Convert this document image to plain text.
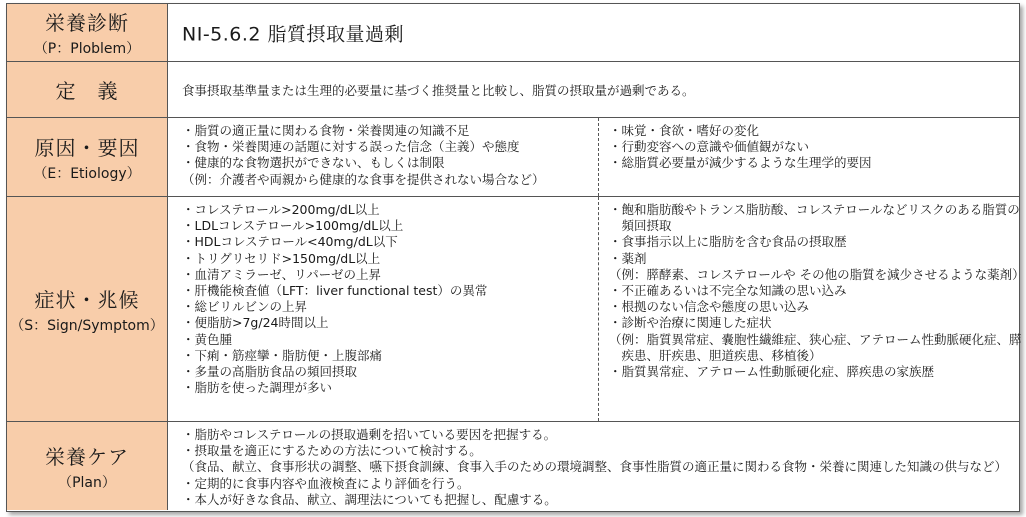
栄養診断
（P：Ploblem）
NI-5.6.2 脂質摂取量過剰
定　義	食事摂取基準量または生理的必要量に基づく推奨量と比較し、脂質の摂取量が過剰である。
原因・要因
（E：Etiology）
・脂質の適正量に関わる食物・栄養関連の知識不足
・食物・栄養関連の話題に対する誤った信念（主義）や態度
・健康的な食物選択ができない、もしくは制限
（例：介護者や両親から健康的な食事を提供されない場合など）
・味覚・食欲・嗜好の変化
・行動変容への意識や価値観がない
・総脂質必要量が減少するような生理学的要因
症状・兆候
（S：Sign/Symptom）
・コレステロール>200mg/dL以上
・LDLコレステロール>100mg/dL以上
・HDLコレステロール<40mg/dL以下
・トリグリセリド>150mg/dL以上
・血清アミラーゼ、リパーゼの上昇
・肝機能検査値（LFT：liver functional test）の異常
・総ビリルビンの上昇
・便脂肪>7g/24時間以上
・黄色腫
・下痢・筋痙攣・脂肪便・上腹部痛
・多量の高脂肪食品の頻回摂取
・脂肪を使った調理が多い
・飽和脂肪酸やトランス脂肪酸、コレステロールなどリスクのある脂質の
　頻回摂取
・食事指示以上に脂肪を含む食品の摂取歴
・薬剤
（例：膵酵素、コレステロールや その他の脂質を減少させるような薬剤）
・不正確あるいは不完全な知識の思い込み
・根拠のない信念や態度の思い込み
・診断や治療に関連した症状
（例：脂質異常症、嚢胞性繊維症、狭心症、アテローム性動脈硬化症、膵
　疾患、肝疾患、胆道疾患、移植後）
・脂質異常症、アテローム性動脈硬化症、膵疾患の家族歴
栄養ケア
（Plan）
・脂肪やコレステロールの摂取過剰を招いている要因を把握する。
・摂取量を適正にするための方法について検討する。
（食品、献立、食事形状の調整、嚥下摂食訓練、食事入手のための環境調整、食事性脂質の適正量に関わる食物・栄養に関連した知識の供与など）
・定期的に食事内容や血液検査により評価を行う。
・本人が好きな食品、献立、調理法についても把握し、配慮する。
